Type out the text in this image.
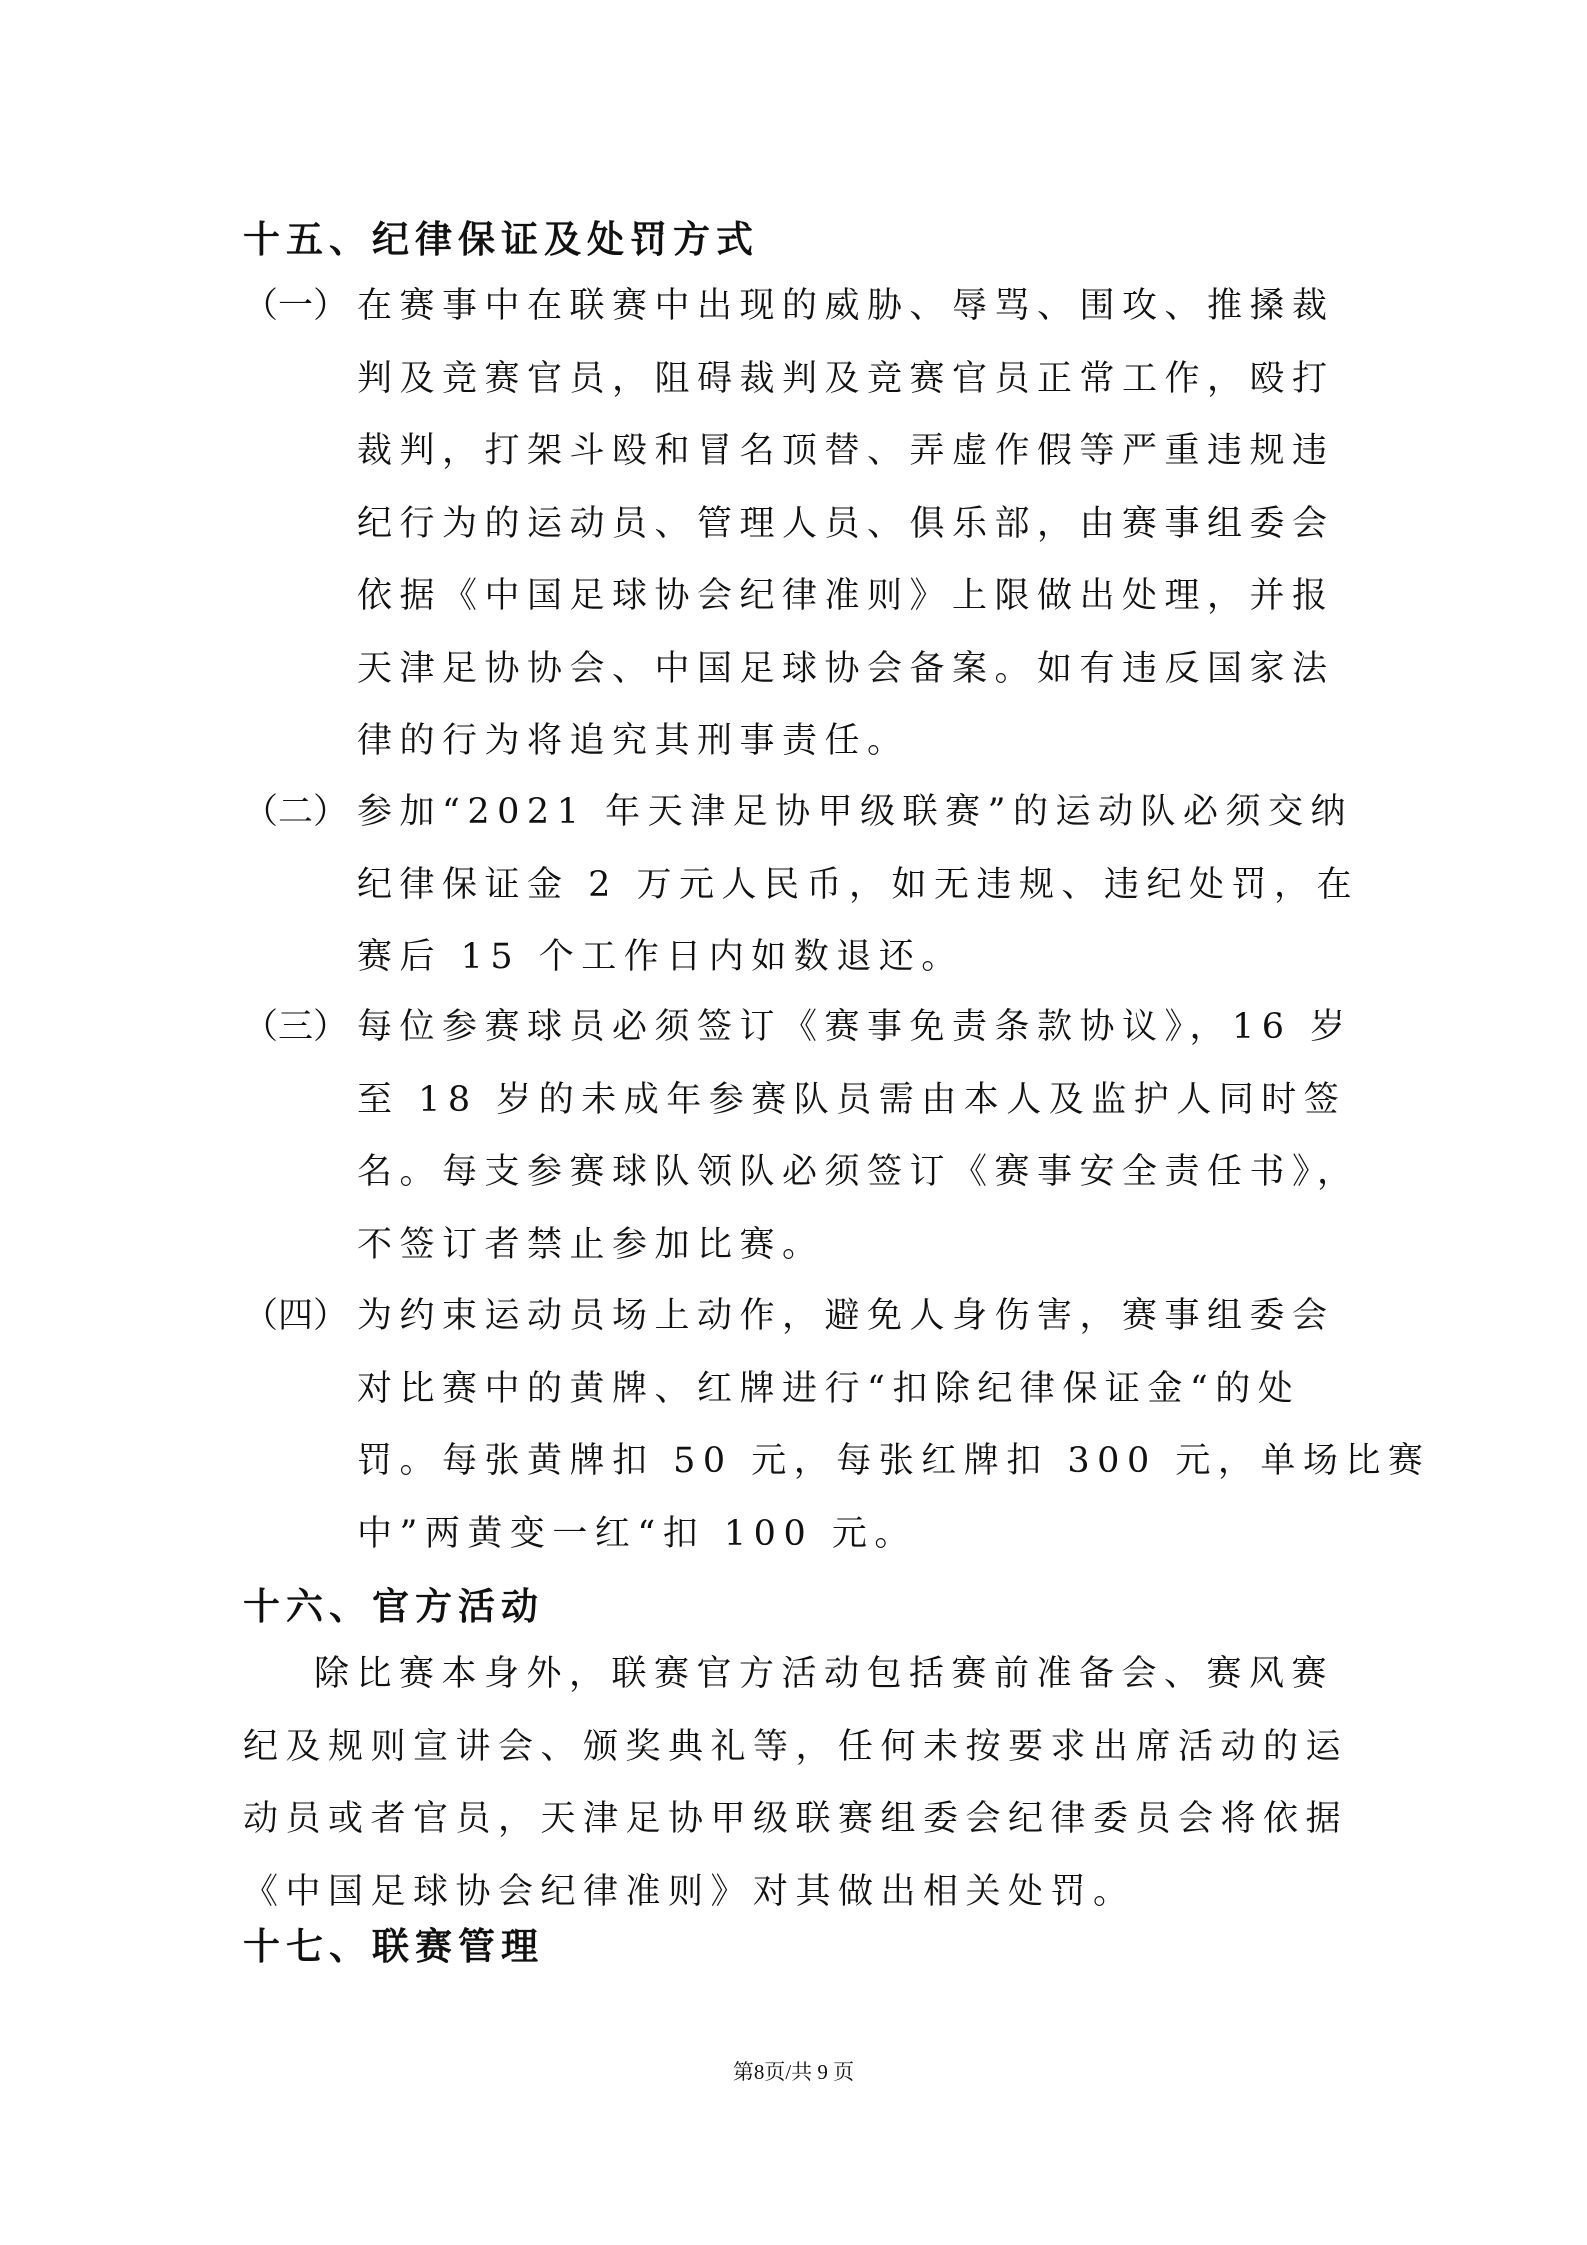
十五、纪律保证及处罚方式
（一） 在赛事中在联赛中出现的威胁、辱骂、围攻、推搡裁
判及竞赛官员，阻碍裁判及竞赛官员正常工作，殴打
裁判，打架斗殴和冒名顶替、弄虚作假等严重违规违
纪行为的运动员、管理人员、俱乐部，由赛事组委会
依据《中国足球协会纪律准则》上限做出处理，并报
天津足协协会、中国足球协会备案。如有违反国家法
律的行为将追究其刑事责任。
（二） 参加“2021 年天津足协甲级联赛”的运动队必须交纳
纪律保证金 2 万元人民币，如无违规、违纪处罚，在
赛后 15 个工作日内如数退还。
（三） 每位参赛球员必须签订《赛事免责条款协议》，16 岁
至 18 岁的未成年参赛队员需由本人及监护人同时签
名。每支参赛球队领队必须签订《赛事安全责任书》，
不签订者禁止参加比赛。
（四） 为约束运动员场上动作，避免人身伤害，赛事组委会
对比赛中的黄牌、红牌进行“扣除纪律保证金“的处
罚。每张黄牌扣 50 元，每张红牌扣 300 元，单场比赛
中”两黄变一红“扣 100 元。
十六、官方活动
除比赛本身外，联赛官方活动包括赛前准备会、赛风赛
纪及规则宣讲会、颁奖典礼等，任何未按要求出席活动的运
动员或者官员，天津足协甲级联赛组委会纪律委员会将依据
《中国足球协会纪律准则》对其做出相关处罚。
十七、联赛管理
第8页/共 9 页
